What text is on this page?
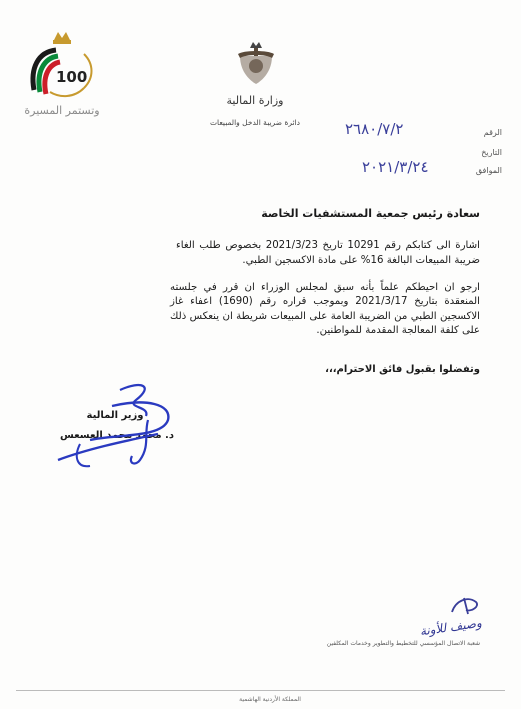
100
وتستمر المسيرة
وزارة المالية
دائرة ضريبة الدخل والمبيعات
الرقم
٢٦٨٠/٧/٢
التاريخ
الموافق
٢٠٢١/٣/٢٤
سعادة رئيس جمعية المستشفيات الخاصة
اشارة الى كتابكم رقم 10291 تاريخ 2021/3/23 بخصوص طلب الغاء ضريبة المبيعات البالغة 16% على مادة الاكسجين الطبي.
ارجو ان احيطكم علماً بأنه سبق لمجلس الوزراء ان قرر في جلسته المنعقدة بتاريخ 2021/3/17 وبموجب قراره رقم (1690) اعفاء غاز الاكسجين الطبي من الضريبة العامة على المبيعات شريطة ان ينعكس ذلك على كلفة المعالجة المقدمة للمواطنين.
وتفضلوا بقبول فائق الاحترام،،،
وزير المالية
د. محمد محمد العسعس
وصيف للأونة
شعبة الاتصال المؤسسي للتخطيط والتطوير وخدمات المكلفين
المملكة الأردنية الهاشمية
